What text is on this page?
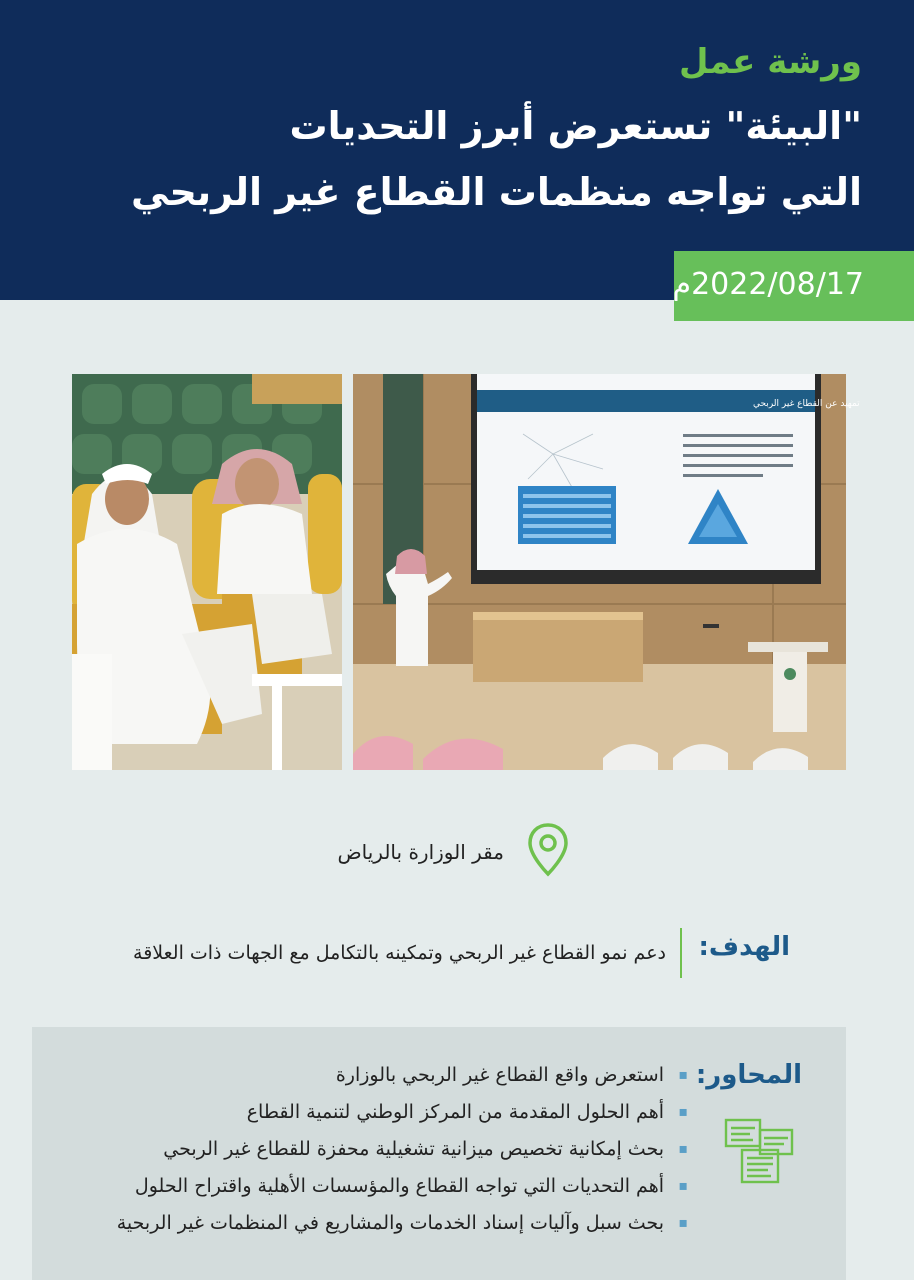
ورشة عمل
"البيئة" تستعرض أبرز التحديات
التي تواجه منظمات القطاع غير الربحي
2022/08/17م
تمهيد عن القطاع غير الربحي
مقر الوزارة بالرياض
الهدف:
دعم نمو القطاع غير الربحي وتمكينه بالتكامل مع الجهات ذات العلاقة
المحاور:
▪ استعرض واقع القطاع غير الربحي بالوزارة
▪ أهم الحلول المقدمة من المركز الوطني لتنمية القطاع
▪ بحث إمكانية تخصيص ميزانية تشغيلية محفزة للقطاع غير الربحي
▪ أهم التحديات التي تواجه القطاع والمؤسسات الأهلية واقتراح الحلول
▪ بحث سبل وآليات إسناد الخدمات والمشاريع في المنظمات غير الربحية
